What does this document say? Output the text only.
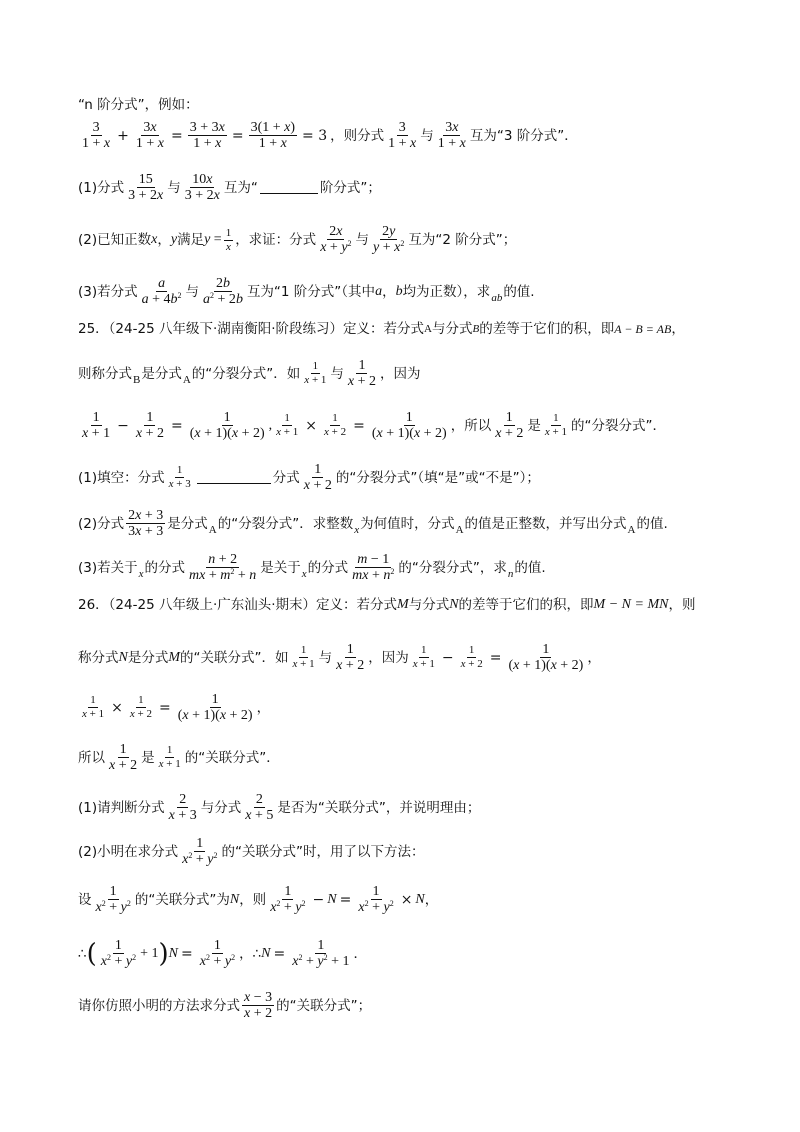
“n 阶分式”，例如：
$\frac{3}{1 + x} + \frac{3x}{1 + x} = \frac{3 + 3x}{1 + x} = \frac{3(1 + x)}{1 + x} = 3$ ，则分式 $\frac{3}{1 + x}$ 与 $\frac{3x}{1 + x}$ 互为“3 阶分式”．
(1)分式 $\frac{15}{3 + 2x}$ 与 $\frac{10x}{3 + 2x}$ 互为“	阶分式”；
(2)已知正数 x ， y 满足 $y = \frac{1}{x}$ ，求证：分式 $\frac{2x}{x + y^2}$ 与 $\frac{2y}{y + x^2}$ 互为“2 阶分式”；
(3)若分式 $\frac{a}{a + 4b^2}$ 与 $\frac{2b}{a^2 + 2b}$ 互为“1 阶分式”（其中 a ， b 均为正数），求 ab 的值.
25．（24-25 八年级下·湖南衡阳·阶段练习）定义：若分式 A 与分式 B 的差等于它们的积，即 A − B = AB ，
则称分式 B 是分式 A 的“分裂分式”．如 $\frac{1}{x + 1}$ 与 $\frac{1}{x + 2}$ ，因为
$\frac{1}{x + 1} - \frac{1}{x + 2} = \frac{1}{(x + 1)(x + 2)}$ , $\frac{1}{x + 1} \times \frac{1}{x + 2} = \frac{1}{(x + 1)(x + 2)}$ ，所以 $\frac{1}{x + 2}$ 是 $\frac{1}{x + 1}$ 的“分裂分式”．
(1)填空：分式 $\frac{1}{x + 3}$	分式 $\frac{1}{x + 2}$ 的“分裂分式”（填“是”或“不是”）；
(2)分式 $\frac{2x + 3}{3x + 3}$ 是分式 A 的“分裂分式”．求整数 x 为何值时，分式 A 的值是正整数，并写出分式 A 的值.
(3)若关于 x 的分式 $\frac{n + 2}{mx + m^2 + n}$ 是关于 x 的分式 $\frac{m - 1}{mx + n^2}$ 的“分裂分式”，求 n 的值.
26．（24-25 八年级上·广东汕头·期末）定义：若分式 M 与分式 N 的差等于它们的积，即 M − N = MN ，则
称分式 N 是分式 M 的“关联分式”．如 $\frac{1}{x + 1}$ 与 $\frac{1}{x + 2}$ ，因为 $\frac{1}{x + 1} - \frac{1}{x + 2} = \frac{1}{(x + 1)(x + 2)}$ ，
$\frac{1}{x + 1} \times \frac{1}{x + 2} = \frac{1}{(x + 1)(x + 2)}$ ，
所以 $\frac{1}{x + 2}$ 是 $\frac{1}{x + 1}$ 的“关联分式”．
(1)请判断分式 $\frac{2}{x + 3}$ 与分式 $\frac{2}{x + 5}$ 是否为“关联分式”，并说明理由；
(2)小明在求分式 $\frac{1}{x^2 + y^2}$ 的“关联分式”时，用了以下方法：
设 $\frac{1}{x^2 + y^2}$ 的“关联分式”为 N ，则 $\frac{1}{x^2 + y^2} - N = \frac{1}{x^2 + y^2} \times N$ ，
∴ ( $\frac{1}{x^2 + y^2} + 1$ ) $N = \frac{1}{x^2 + y^2}$ ，∴ $N = \frac{1}{x^2 + y^2 + 1}$ ．
请你仿照小明的方法求分式 $\frac{x - 3}{x + 2}$ 的“关联分式”；
